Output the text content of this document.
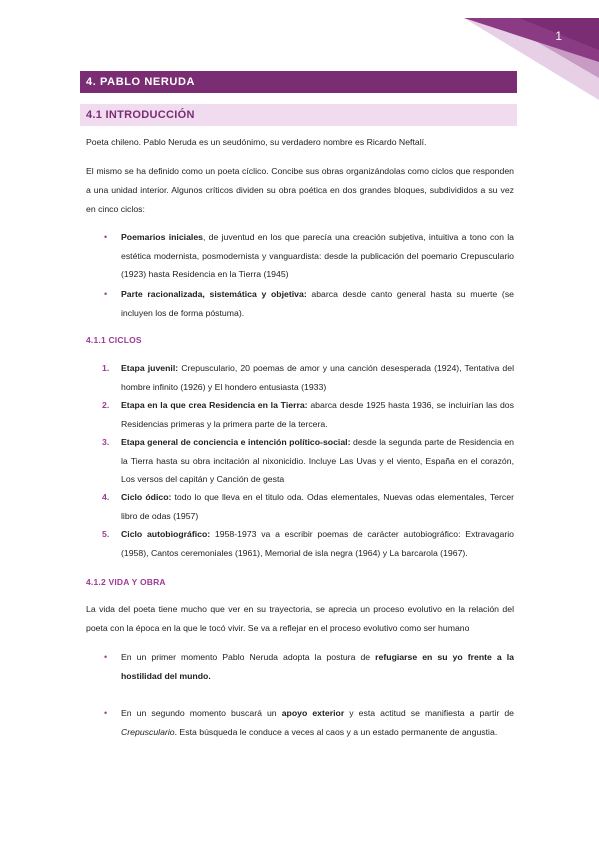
1
4. PABLO NERUDA
4.1 INTRODUCCIÓN
Poeta chileno. Pablo Neruda es un seudónimo, su verdadero nombre es Ricardo Neftalí.
El mismo se ha definido como un poeta cíclico. Concibe sus obras organizándolas como ciclos que responden a una unidad interior. Algunos críticos dividen su obra poética en dos grandes bloques, subdivididos a su vez en cinco ciclos:
• Poemarios iniciales, de juventud en los que parecía una creación subjetiva, intuitiva a tono con la estética modernista, posmodernista y vanguardista: desde la publicación del poemario Crepusculario (1923) hasta Residencia en la Tierra (1945)
• Parte racionalizada, sistemática y objetiva: abarca desde canto general hasta su muerte (se incluyen los de forma póstuma).
4.1.1 CICLOS
1. Etapa juvenil: Crepusculario, 20 poemas de amor y una canción desesperada (1924), Tentativa del hombre infinito (1926) y El hondero entusiasta (1933)
2. Etapa en la que crea Residencia en la Tierra: abarca desde 1925 hasta 1936, se incluirían las dos Residencias primeras y la primera parte de la tercera.
3. Etapa general de conciencia e intención político-social: desde la segunda parte de Residencia en la Tierra hasta su obra incitación al nixonicidio. Incluye Las Uvas y el viento, España en el corazón, Los versos del capitán y Canción de gesta
4. Ciclo ódico: todo lo que lleva en el titulo oda. Odas elementales, Nuevas odas elementales, Tercer libro de odas (1957)
5. Ciclo autobiográfico: 1958-1973 va a escribir poemas de carácter autobiográfico: Extravagario (1958), Cantos ceremoniales (1961), Memorial de isla negra (1964) y La barcarola (1967).
4.1.2 VIDA Y OBRA
La vida del poeta tiene mucho que ver en su trayectoria, se aprecia un proceso evolutivo en la relación del poeta con la época en la que le tocó vivir. Se va a reflejar en el proceso evolutivo como ser humano
• En un primer momento Pablo Neruda adopta la postura de refugiarse en su yo frente a la hostilidad del mundo.
• En un segundo momento buscará un apoyo exterior y esta actitud se manifiesta a partir de Crepusculario. Esta búsqueda le conduce a veces al caos y a un estado permanente de angustia.
